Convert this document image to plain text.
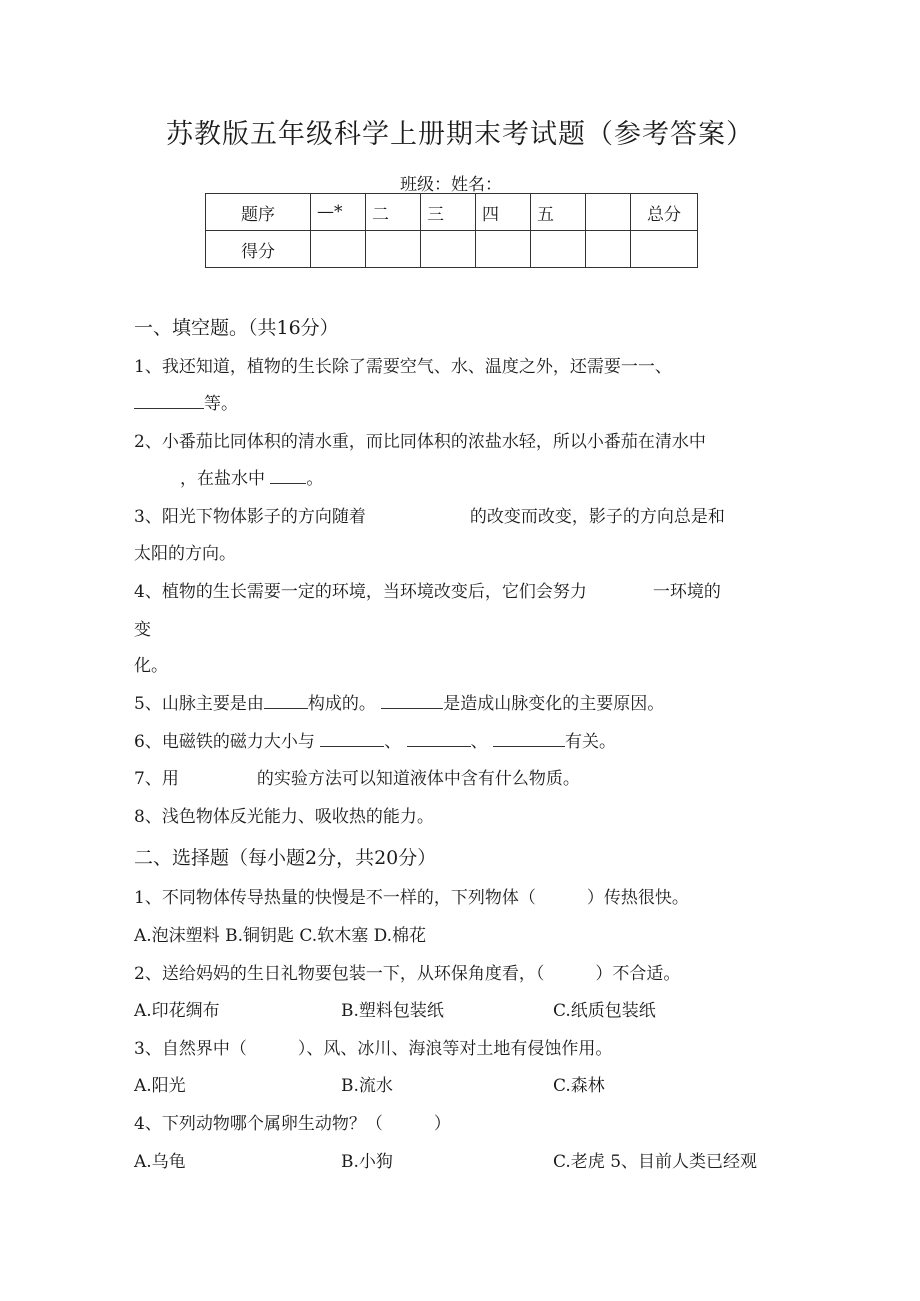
苏教版五年级科学上册期末考试题（参考答案）
班级：姓名：
题序	—*	二	三	四	五		总分
得分							
一、填空题。（共16分）
1、我还知道，植物的生长除了需要空气、水、温度之外，还需要一一、
等。
2、小番茄比同体积的清水重，而比同体积的浓盐水轻，所以小番茄在清水中
，在盐水中 。
3、阳光下物体影子的方向随着	的改变而改变，影子的方向总是和
太阳的方向。
4、植物的生长需要一定的环境，当环境改变后，它们会努力	一环境的
变
化。
5、山脉主要是由	构成的。	是造成山脉变化的主要原因。
6、电磁铁的磁力大小与	、	、	有关。
7、用	的实验方法可以知道液体中含有什么物质。
8、浅色物体反光能力、吸收热的能力。
二、选择题（每小题2分，共20分）
1、不同物体传导热量的快慢是不一样的，下列物体（　　　）传热很快。
A.泡沫塑料 B.铜钥匙 C.软木塞 D.棉花
2、送给妈妈的生日礼物要包装一下，从环保角度看，（　　　）不合适。
A.印花绸布	B.塑料包装纸	C.纸质包装纸
3、自然界中（　　　）、风、冰川、海浪等对土地有侵蚀作用。
A.阳光	B.流水	C.森林
4、下列动物哪个属卵生动物？（　　　）
A.乌龟	B.小狗	C.老虎 5、目前人类已经观
